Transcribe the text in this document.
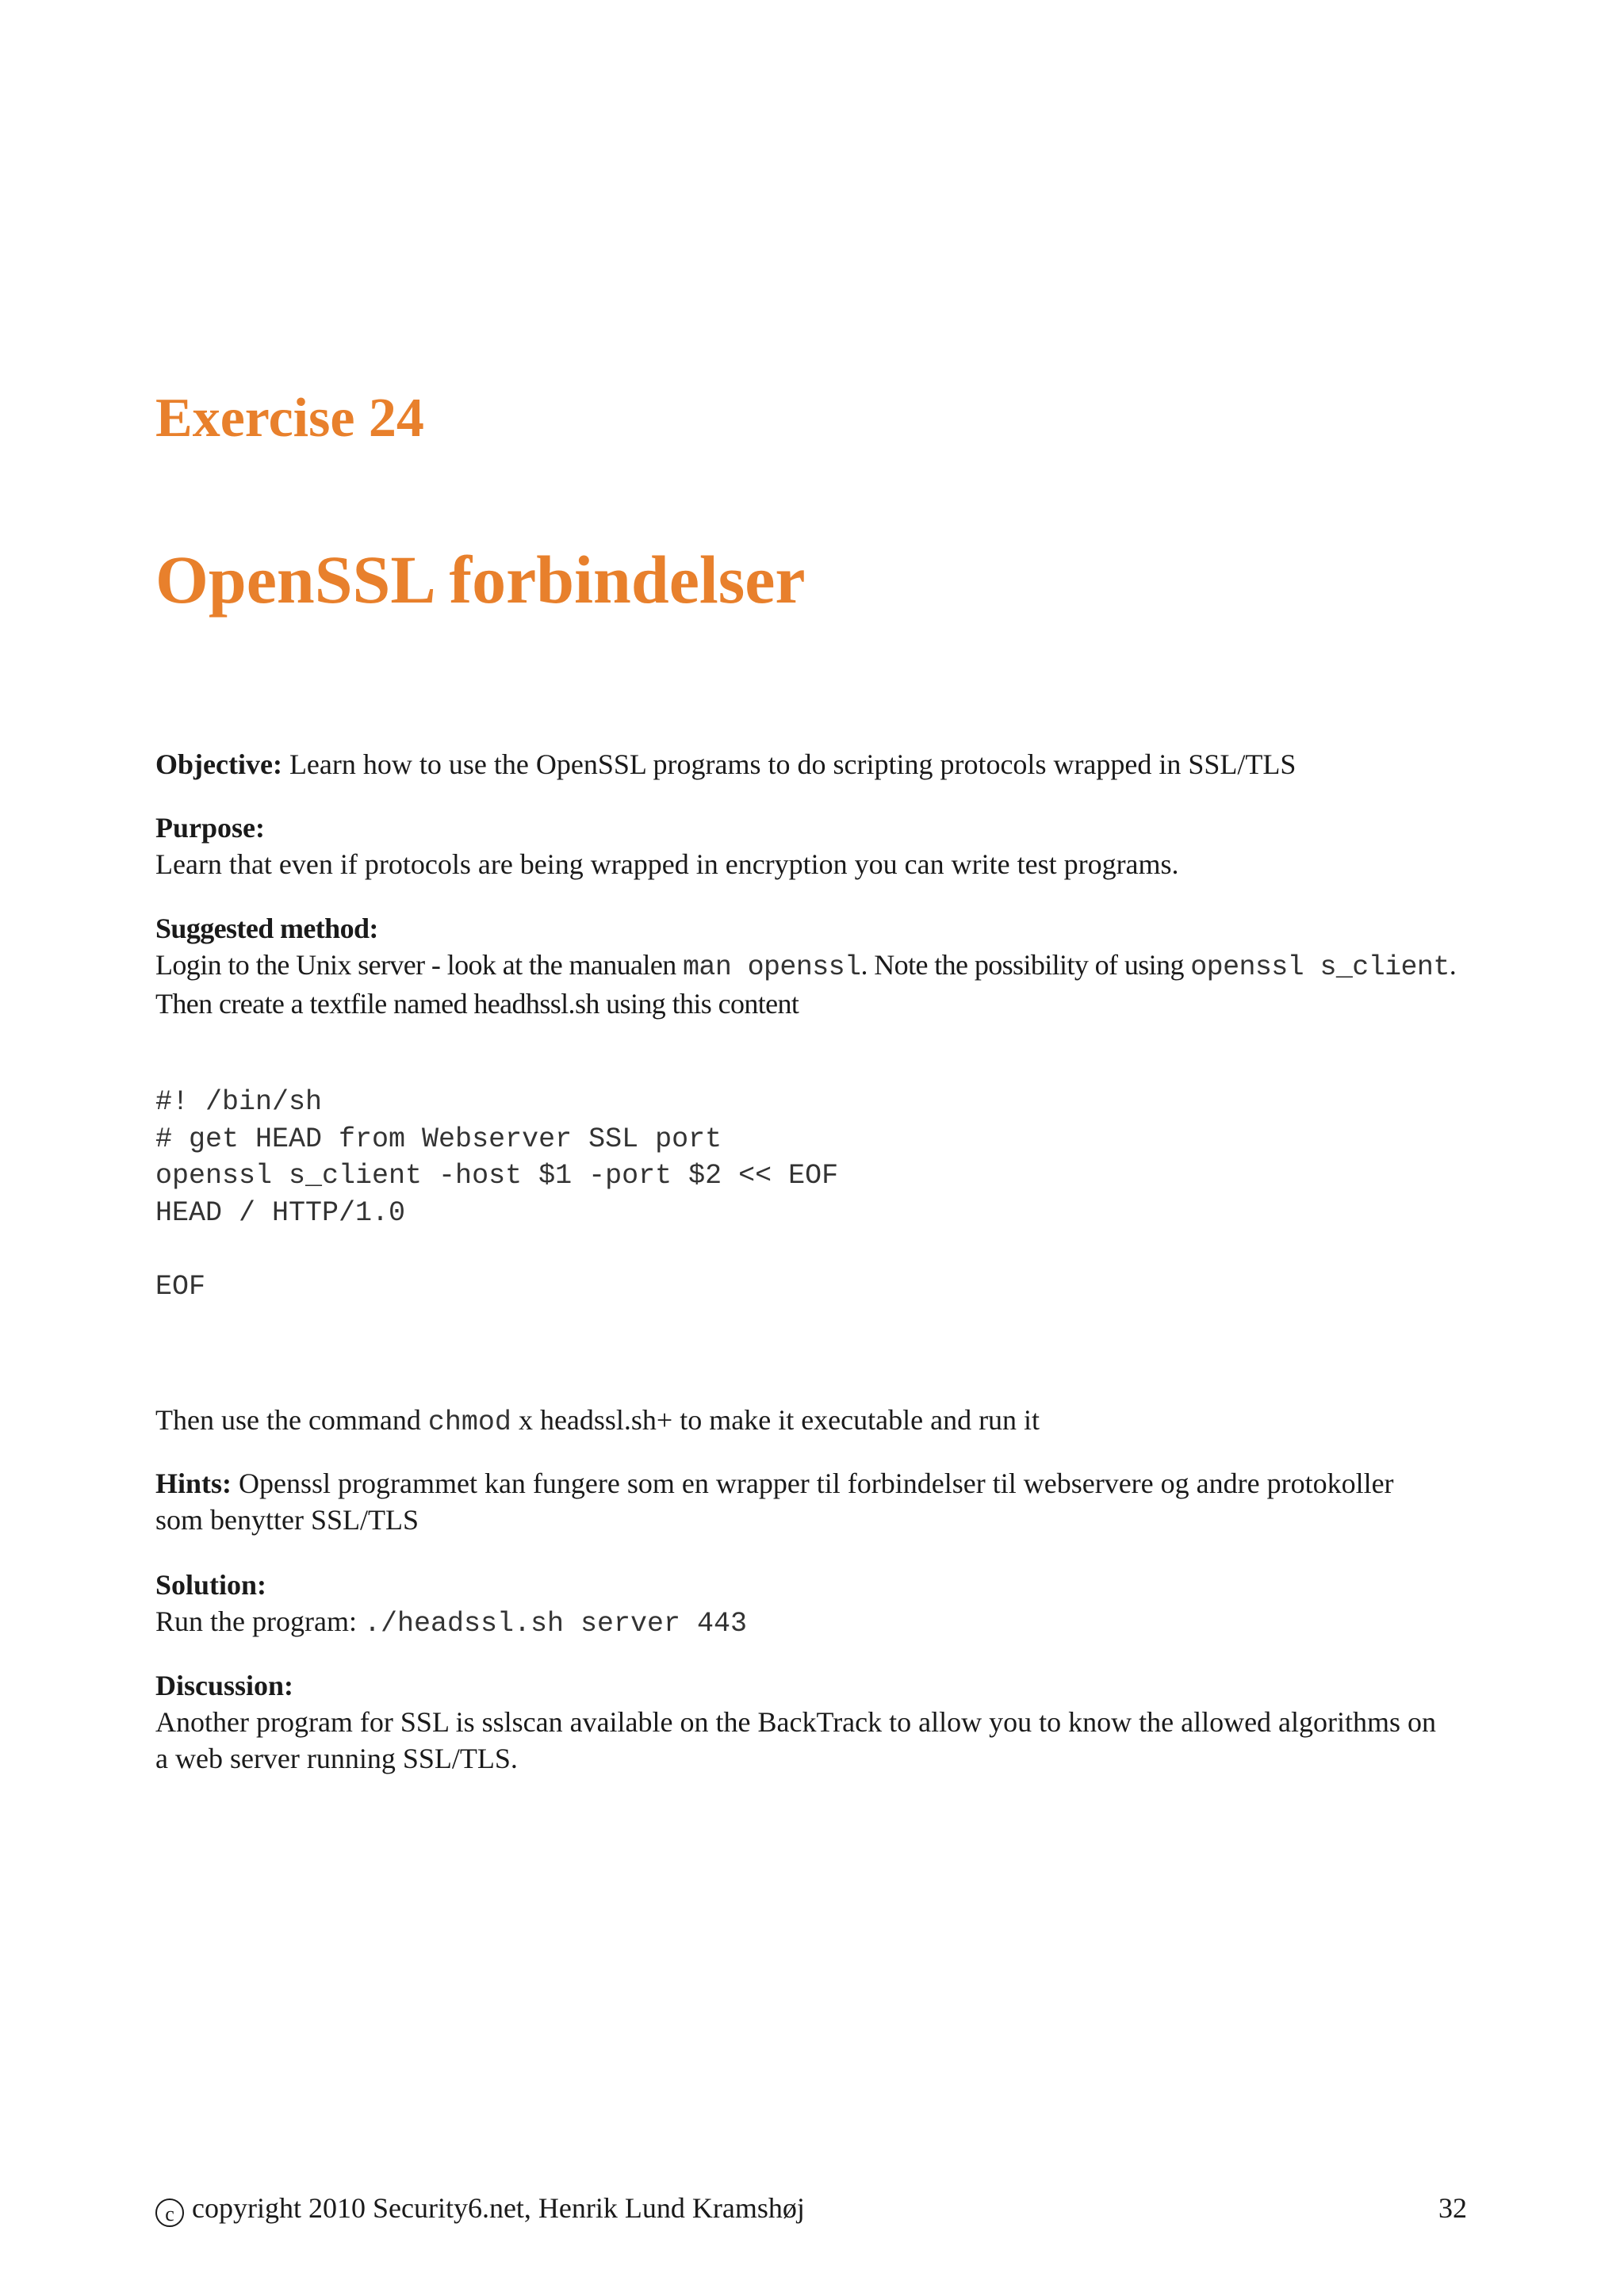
Exercise 24
OpenSSL forbindelser

Objective: Learn how to use the OpenSSL programs to do scripting protocols wrapped in SSL/TLS

Purpose:

Learn that even if protocols are being wrapped in encryption you can write test programs.

Suggested method:

Login to the Unix server - look at the manualen man openssl. Note the possibility of using openssl s_client.

Then create a textfile named headhssl.sh using this content

#! /bin/sh
# get HEAD from Webserver SSL port
openssl s_client -host $1 -port $2 << EOF
HEAD / HTTP/1.0

EOF

Then use the command chmod x headssl.sh+ to make it executable and run it

Hints: Openssl programmet kan fungere som en wrapper til forbindelser til webservere og andre protokoller

som benytter SSL/TLS

Solution:

Run the program: ./headssl.sh server 443

Discussion:

Another program for SSL is sslscan available on the BackTrack to allow you to know the allowed algorithms on

a web server running SSL/TLS.

c copyright 2010 Security6.net, Henrik Lund Kramshøj	32
